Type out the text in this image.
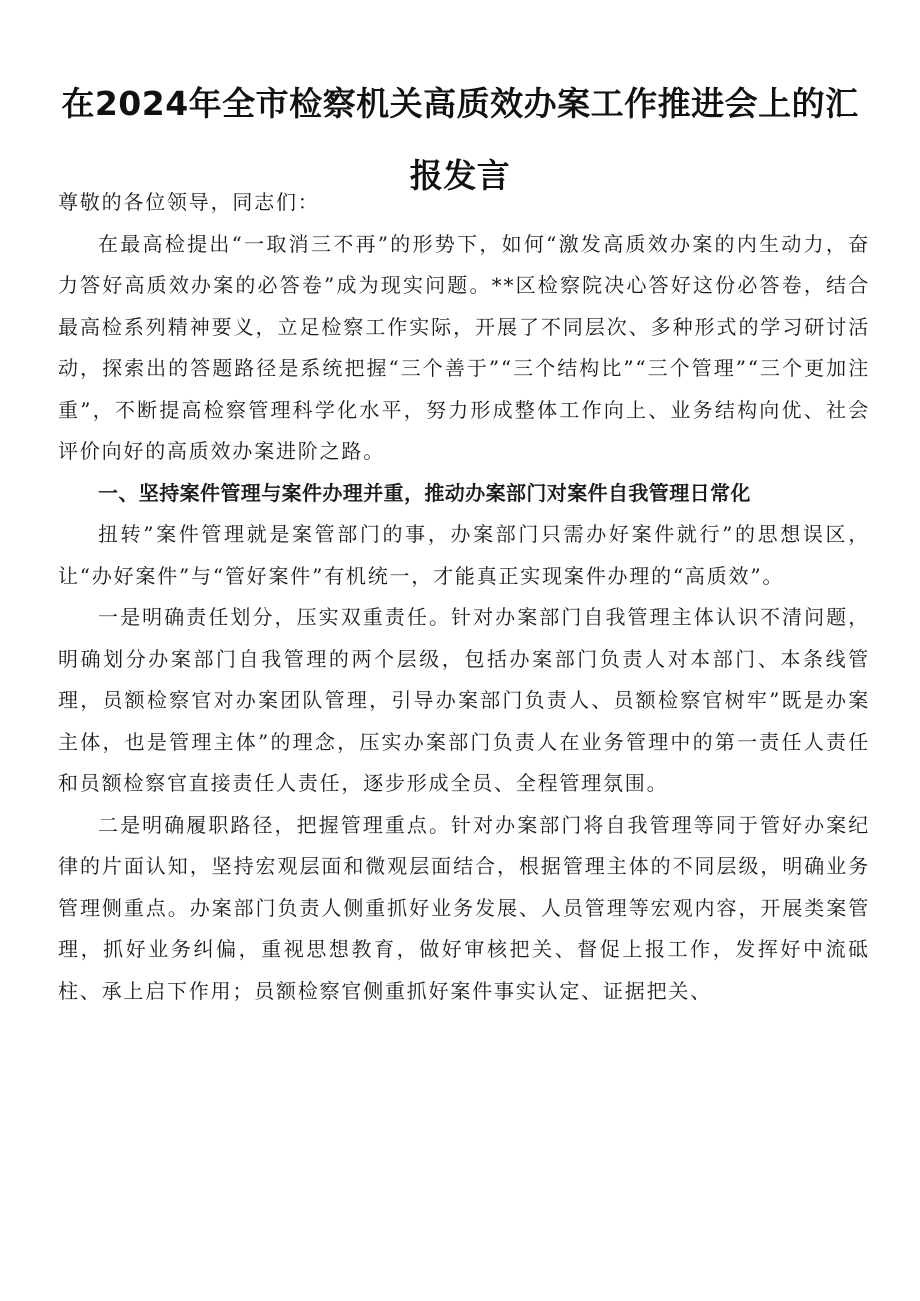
在2024年全市检察机关高质效办案工作推进会上的汇报发言

尊敬的各位领导，同志们：

在最高检提出“一取消三不再”的形势下，如何“激发高质效办案的内生动力，奋力答好高质效办案的必答卷”成为现实问题。**区检察院决心答好这份必答卷，结合最高检系列精神要义，立足检察工作实际，开展了不同层次、多种形式的学习研讨活动，探索出的答题路径是系统把握“三个善于”“三个结构比”“三个管理”“三个更加注重”，不断提高检察管理科学化水平，努力形成整体工作向上、业务结构向优、社会评价向好的高质效办案进阶之路。

一、坚持案件管理与案件办理并重，推动办案部门对案件自我管理日常化

扭转”案件管理就是案管部门的事，办案部门只需办好案件就行”的思想误区，让“办好案件”与“管好案件”有机统一，才能真正实现案件办理的“高质效”。

一是明确责任划分，压实双重责任。针对办案部门自我管理主体认识不清问题，明确划分办案部门自我管理的两个层级，包括办案部门负责人对本部门、本条线管理，员额检察官对办案团队管理，引导办案部门负责人、员额检察官树牢”既是办案主体，也是管理主体”的理念，压实办案部门负责人在业务管理中的第一责任人责任和员额检察官直接责任人责任，逐步形成全员、全程管理氛围。

二是明确履职路径，把握管理重点。针对办案部门将自我管理等同于管好办案纪律的片面认知，坚持宏观层面和微观层面结合，根据管理主体的不同层级，明确业务管理侧重点。办案部门负责人侧重抓好业务发展、人员管理等宏观内容，开展类案管理，抓好业务纠偏，重视思想教育，做好审核把关、督促上报工作，发挥好中流砥柱、承上启下作用；员额检察官侧重抓好案件事实认定、证据把关、
